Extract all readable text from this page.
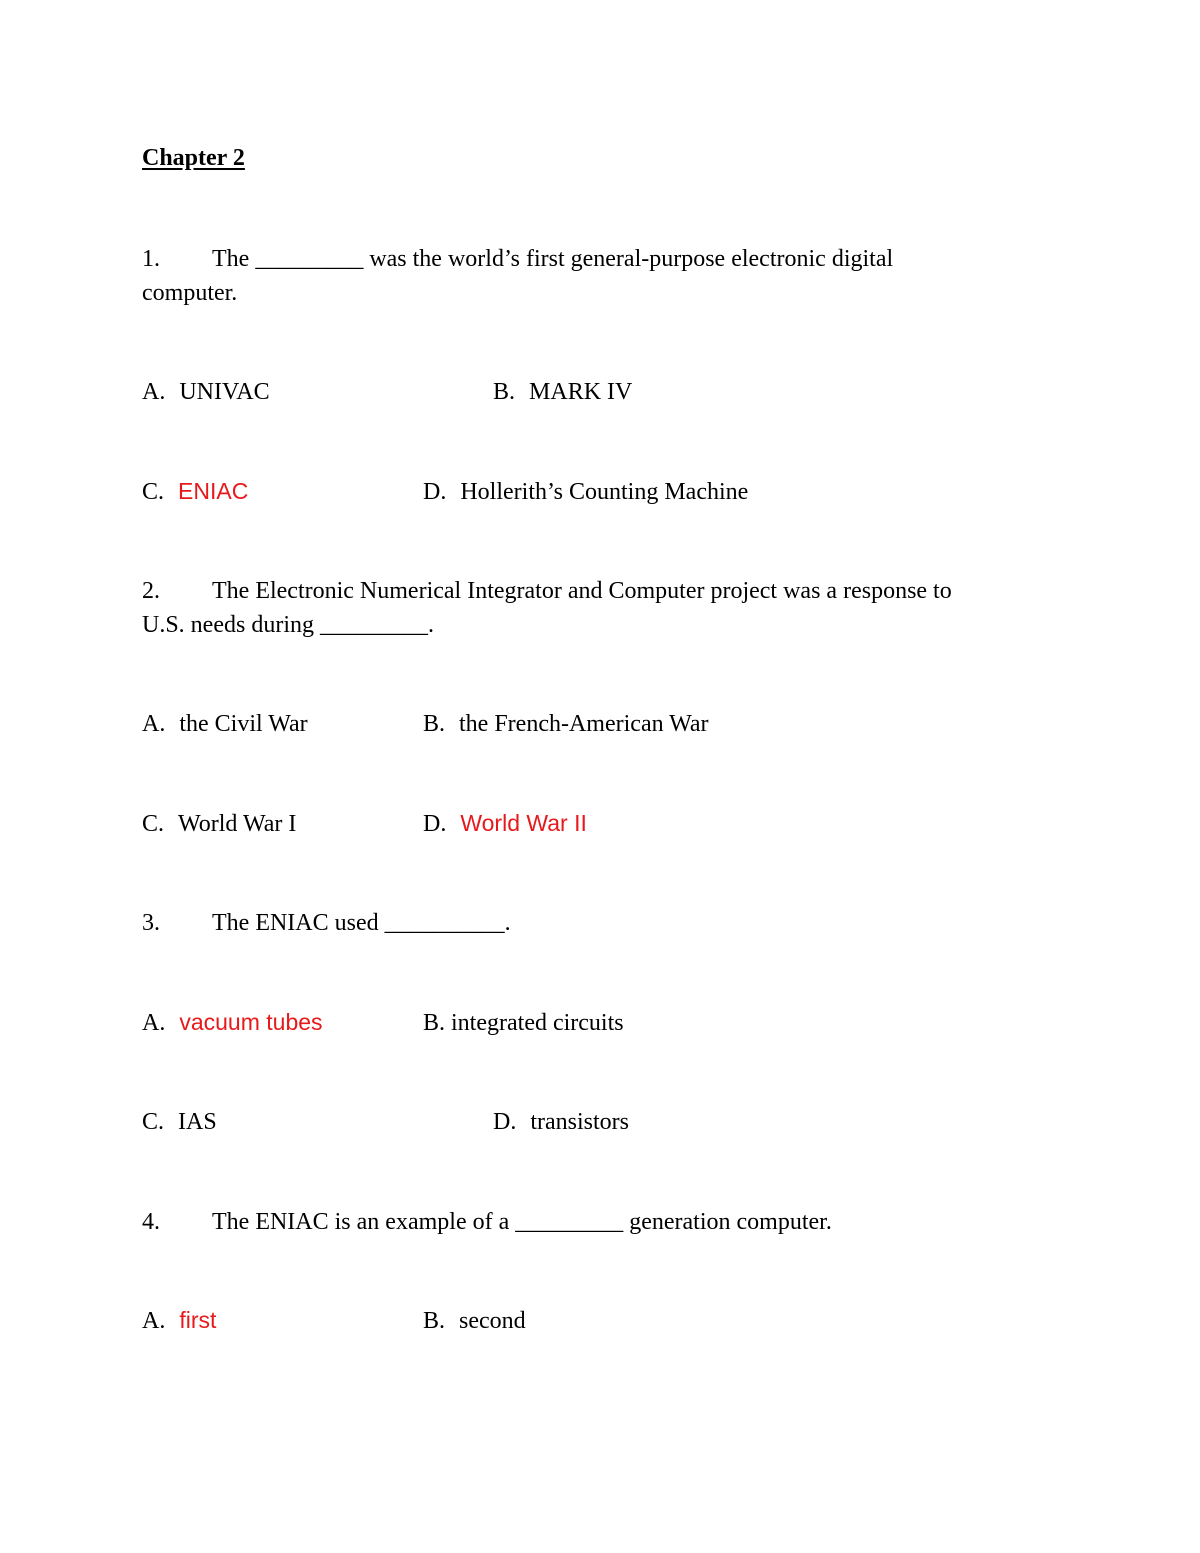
Chapter 2
1. The _________ was the world’s first general-purpose electronic digital
computer.
A. UNIVAC	B. MARK IV
C. ENIAC	D. Hollerith’s Counting Machine
2. The Electronic Numerical Integrator and Computer project was a response to
U.S. needs during _________.
A. the Civil War	B. the French-American War
C. World War I	D. World War II
3. The ENIAC used __________.
A. vacuum tubes	B. integrated circuits
C. IAS	D. transistors
4. The ENIAC is an example of a _________ generation computer.
A. first	B. second
